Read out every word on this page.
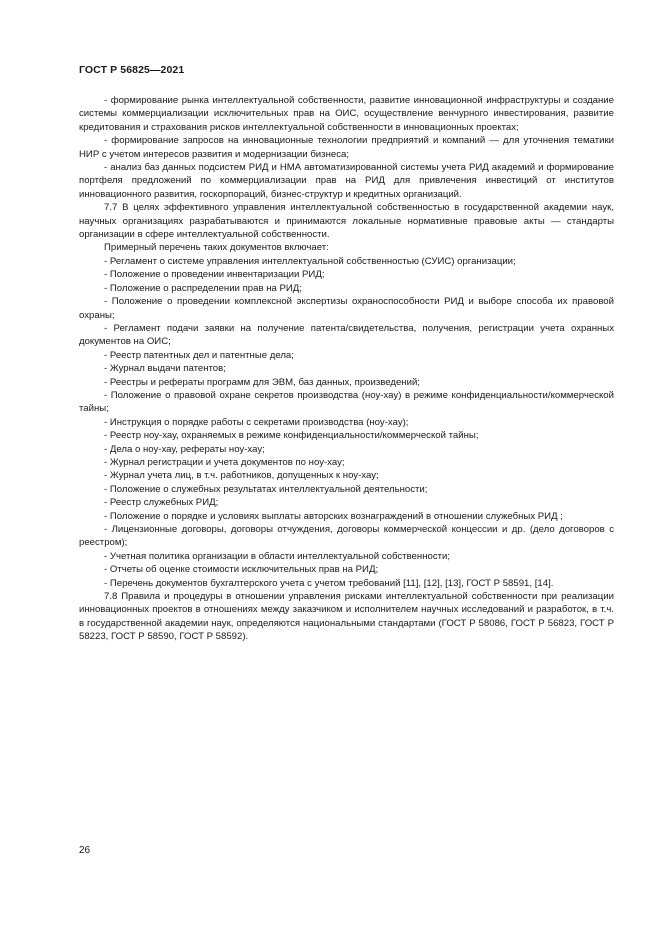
ГОСТ Р 56825—2021

- формирование рынка интеллектуальной собственности, развитие инновационной инфраструктуры и создание системы коммерциализации исключительных прав на ОИС, осуществление венчурного инвестирования, развитие кредитования и страхования рисков интеллектуальной собственности в инновационных проектах;

- формирование запросов на инновационные технологии предприятий и компаний — для уточнения тематики НИР с учетом интересов развития и модернизации бизнеса;

- анализ баз данных подсистем РИД и НМА автоматизированной системы учета РИД академий и формирование портфеля предложений по коммерциализации прав на РИД для привлечения инвестиций от институтов инновационного развития, госкорпораций, бизнес-структур и кредитных организаций.

7.7 В целях эффективного управления интеллектуальной собственностью в государственной академии наук, научных организациях разрабатываются и принимаются локальные нормативные правовые акты — стандарты организации в сфере интеллектуальной собственности.

Примерный перечень таких документов включает:

- Регламент о системе управления интеллектуальной собственностью (СУИС) организации;

- Положение о проведении инвентаризации РИД;

- Положение о распределении прав на РИД;

- Положение о проведении комплексной экспертизы охраноспособности РИД и выборе способа их правовой охраны;

- Регламент подачи заявки на получение патента/свидетельства, получения, регистрации учета охранных документов на ОИС;

- Реестр патентных дел и патентные дела;

- Журнал выдачи патентов;

- Реестры и рефераты программ для ЭВМ, баз данных, произведений;

- Положение о правовой охране секретов производства (ноу-хау) в режиме конфиденциальности/коммерческой тайны;

- Инструкция о порядке работы с секретами производства (ноу-хау);

- Реестр ноу-хау, охраняемых в режиме конфиденциальности/коммерческой тайны;

- Дела о ноу-хау, рефераты ноу-хау;

- Журнал регистрации и учета документов по ноу-хау;

- Журнал учета лиц, в т.ч. работников, допущенных к ноу-хау;

- Положение о служебных результатах интеллектуальной деятельности;

- Реестр служебных РИД;

- Положение о порядке и условиях выплаты авторских вознаграждений в отношении служебных РИД ;

- Лицензионные договоры, договоры отчуждения, договоры коммерческой концессии и др. (дело договоров с реестром);

- Учетная политика организации в области интеллектуальной собственности;

- Отчеты об оценке стоимости исключительных прав на РИД;

- Перечень документов бухгалтерского учета с учетом требований [11], [12], [13], ГОСТ Р 58591, [14].

7.8 Правила и процедуры в отношении управления рисками интеллектуальной собственности при реализации инновационных проектов в отношениях между заказчиком и исполнителем научных исследований и разработок, в т.ч. в государственной академии наук, определяются национальными стандартами (ГОСТ Р 58086, ГОСТ Р 56823, ГОСТ Р 58223, ГОСТ Р 58590, ГОСТ Р 58592).

26
